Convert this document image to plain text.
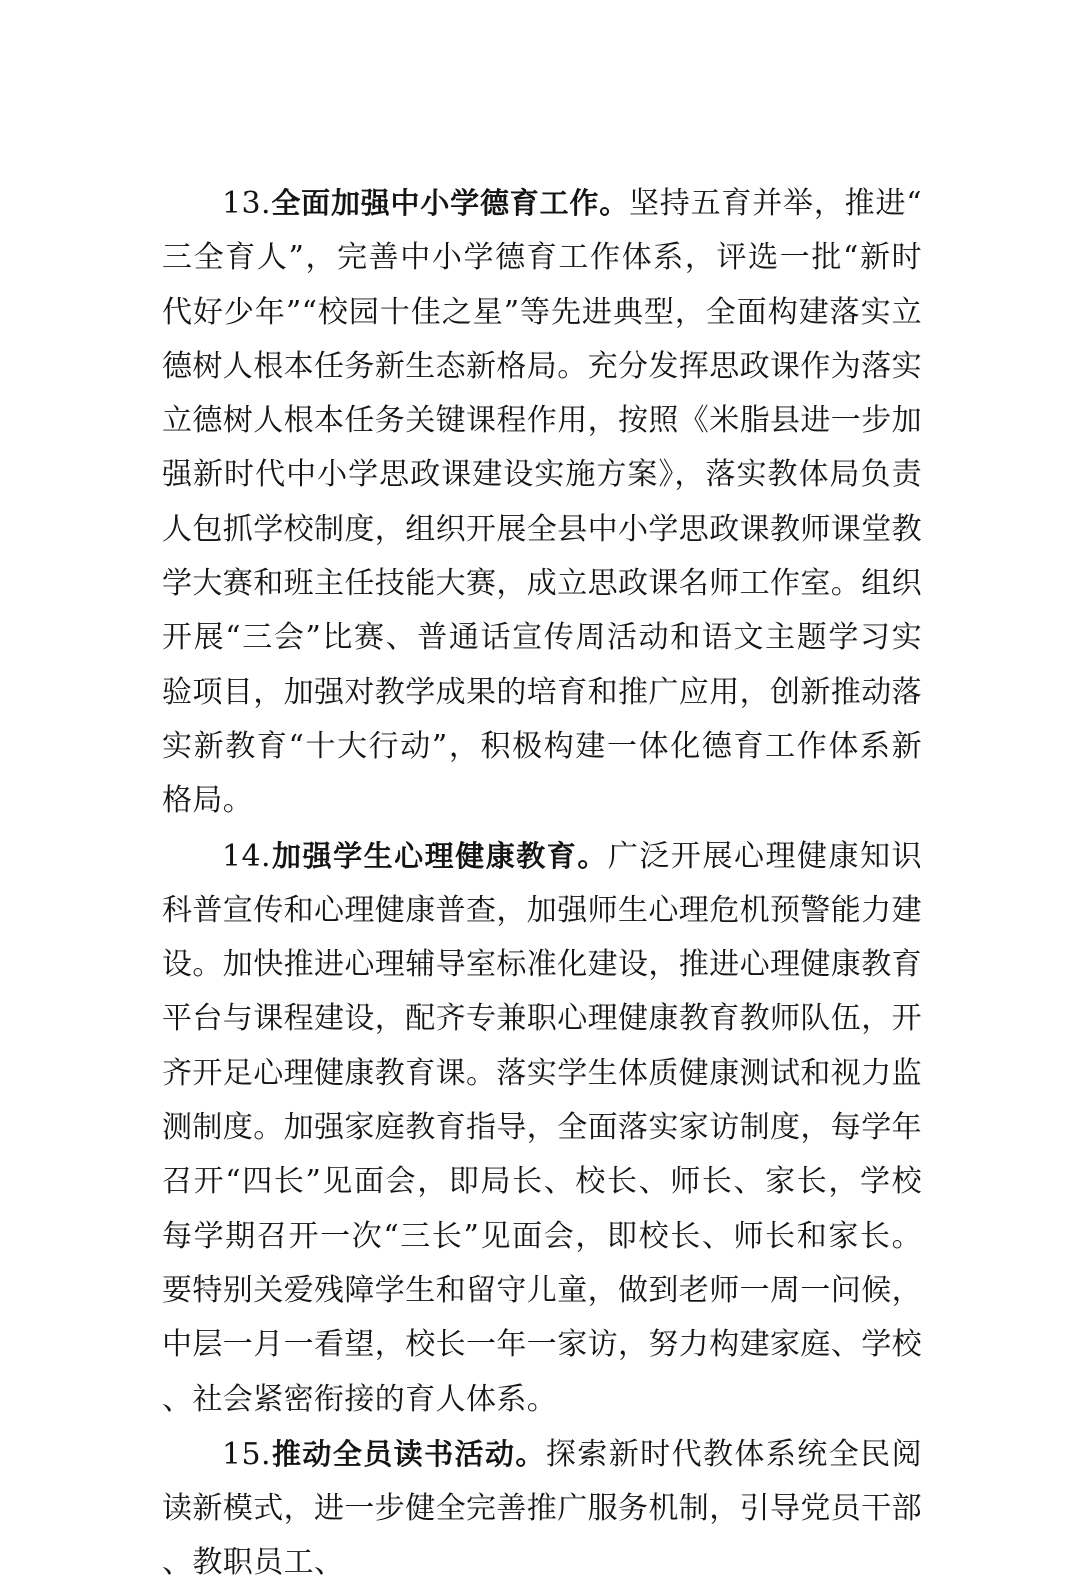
13.全面加强中小学德育工作。坚持五育并举，推进“三全育人”，完善中小学德育工作体系，评选一批“新时代好少年”“校园十佳之星”等先进典型，全面构建落实立德树人根本任务新生态新格局。充分发挥思政课作为落实立德树人根本任务关键课程作用，按照《米脂县进一步加强新时代中小学思政课建设实施方案》，落实教体局负责人包抓学校制度，组织开展全县中小学思政课教师课堂教学大赛和班主任技能大赛，成立思政课名师工作室。组织开展“三会”比赛、普通话宣传周活动和语文主题学习实验项目，加强对教学成果的培育和推广应用，创新推动落实新教育“十大行动”，积极构建一体化德育工作体系新格局。

14.加强学生心理健康教育。广泛开展心理健康知识科普宣传和心理健康普查，加强师生心理危机预警能力建设。加快推进心理辅导室标准化建设，推进心理健康教育平台与课程建设，配齐专兼职心理健康教育教师队伍，开齐开足心理健康教育课。落实学生体质健康测试和视力监测制度。加强家庭教育指导，全面落实家访制度，每学年召开“四长”见面会，即局长、校长、师长、家长，学校每学期召开一次“三长”见面会，即校长、师长和家长。要特别关爱残障学生和留守儿童，做到老师一周一问候，中层一月一看望，校长一年一家访，努力构建家庭、学校、社会紧密衔接的育人体系。

15.推动全员读书活动。探索新时代教体系统全民阅读新模式，进一步健全完善推广服务机制，引导党员干部、教职员工、
